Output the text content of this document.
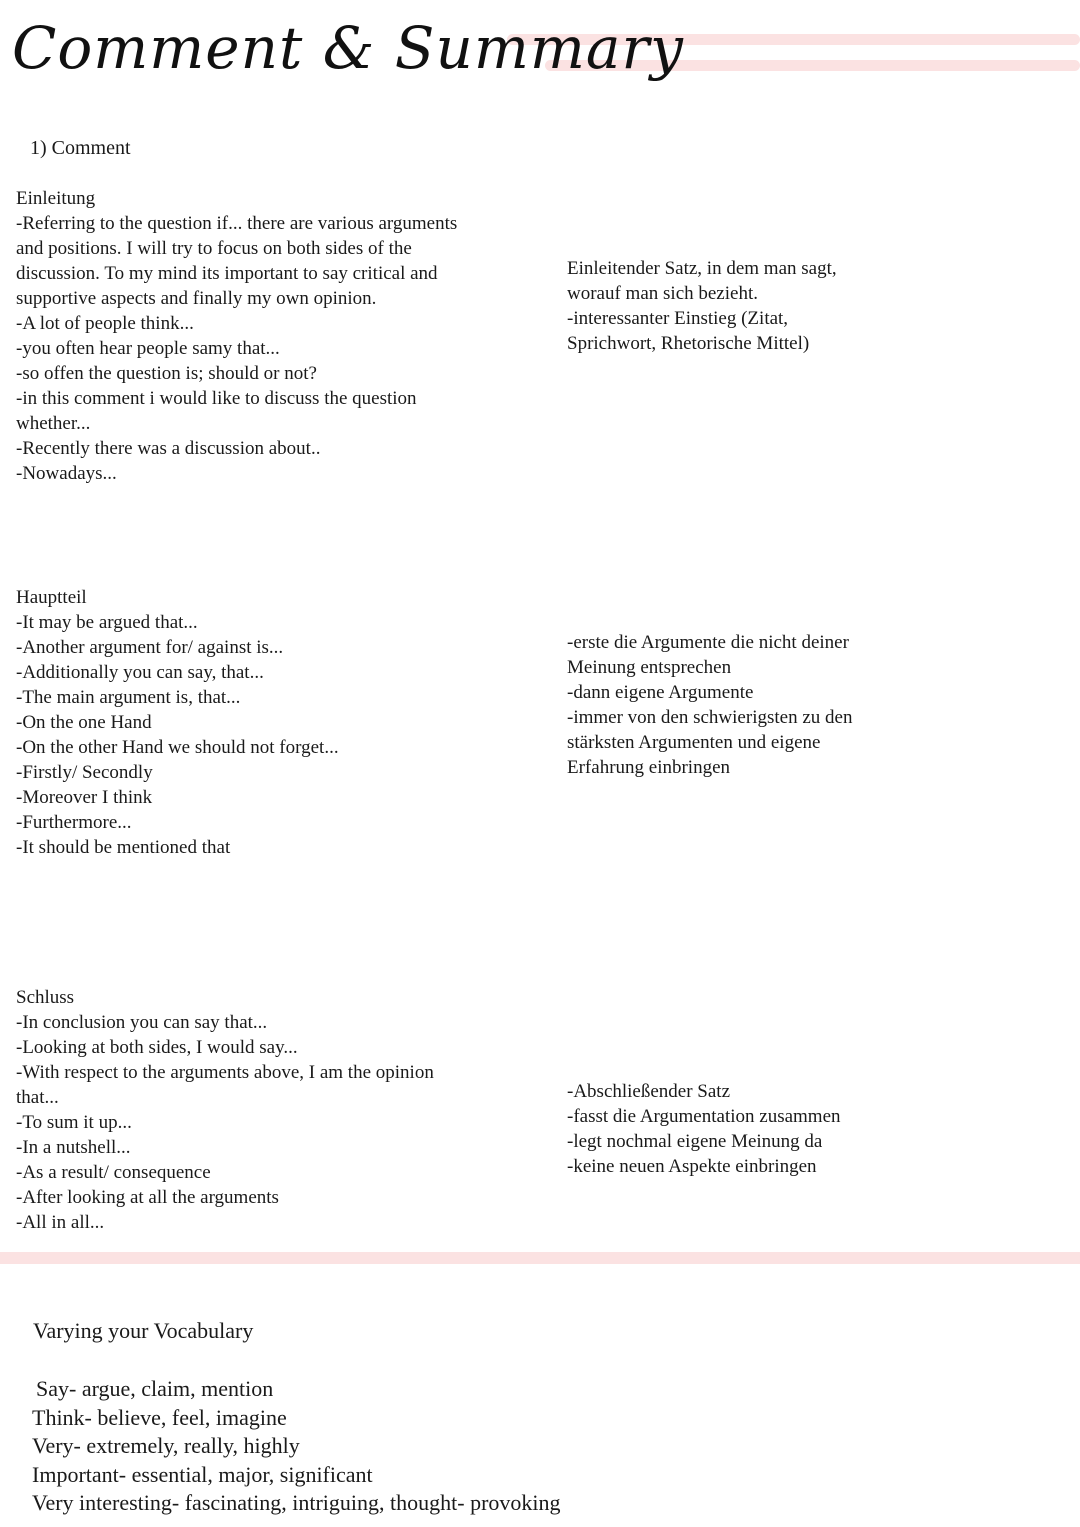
Comment & Summary
1) Comment
Einleitung
-Referring to the question if... there are various arguments
and positions. I will try to focus on both sides of the
discussion. To my mind its important to say critical and
supportive aspects and finally my own opinion.
-A lot of people think...
-you often hear people samy that...
-so offen the question is; should or not?
-in this comment i would like to discuss the question
whether...
-Recently there was a discussion about..
-Nowadays...
Einleitender Satz, in dem man sagt,
worauf man sich bezieht.
-interessanter Einstieg (Zitat,
Sprichwort, Rhetorische Mittel)
Hauptteil
-It may be argued that...
-Another argument for/ against is...
-Additionally you can say, that...
-The main argument is, that...
-On the one Hand
-On the other Hand we should not forget...
-Firstly/ Secondly
-Moreover I think
-Furthermore...
-It should be mentioned that
-erste die Argumente die nicht deiner
Meinung entsprechen
-dann eigene Argumente
-immer von den schwierigsten zu den
stärksten Argumenten und eigene
Erfahrung einbringen
Schluss
-In conclusion you can say that...
-Looking at both sides, I would say...
-With respect to the arguments above, I am the opinion
that...
-To sum it up...
-In a nutshell...
-As a result/ consequence
-After looking at all the arguments
-All in all...
-Abschließender Satz
-fasst die Argumentation zusammen
-legt nochmal eigene Meinung da
-keine neuen Aspekte einbringen
Varying your Vocabulary
Say- argue, claim, mention
Think- believe, feel, imagine
Very- extremely, really, highly
Important- essential, major, significant
Very interesting- fascinating, intriguing, thought- provoking
